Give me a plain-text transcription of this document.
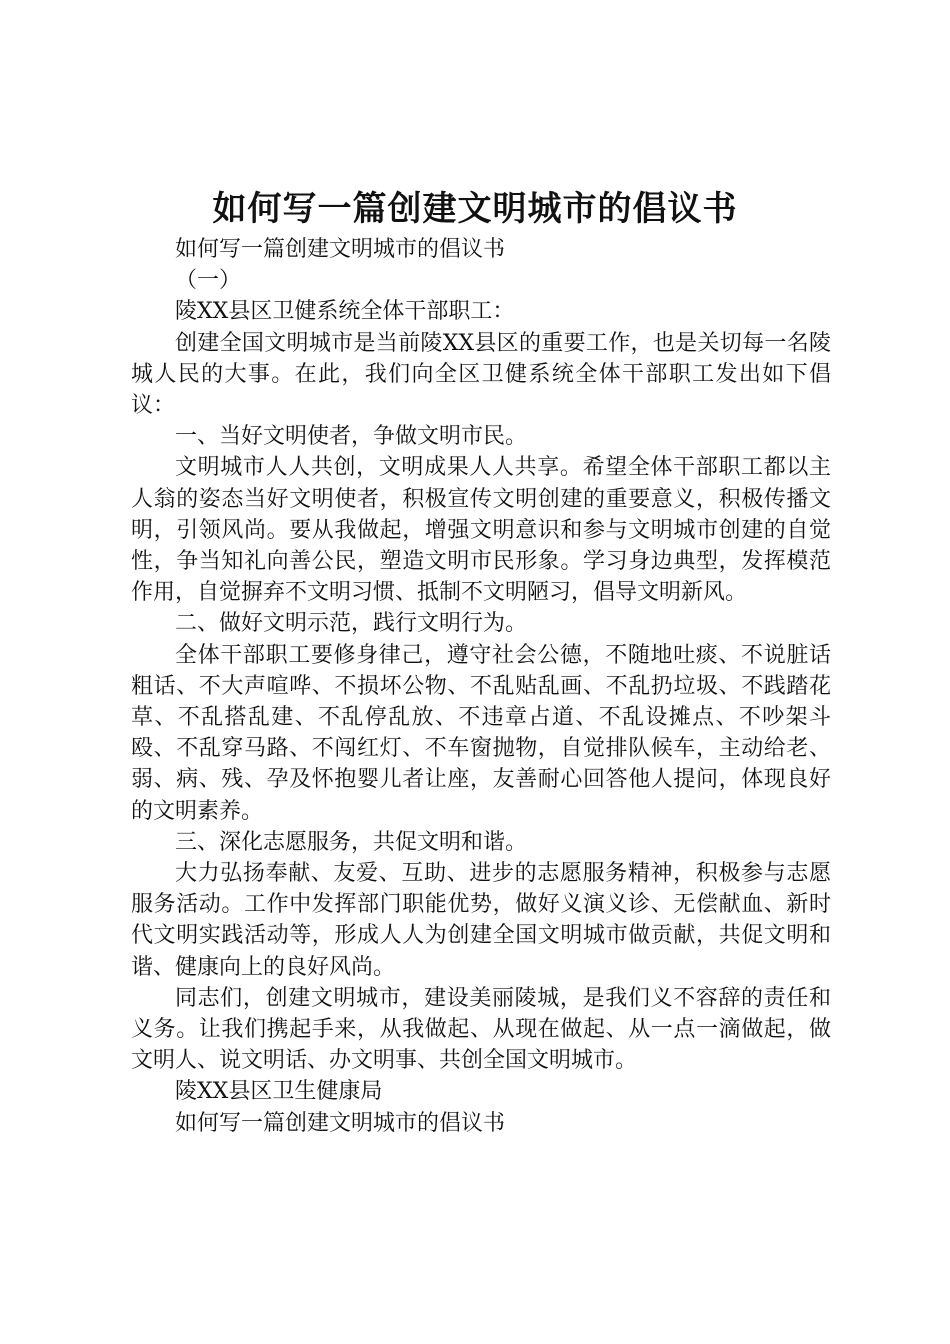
如何写一篇创建文明城市的倡议书

如何写一篇创建文明城市的倡议书

（一）

陵XX县区卫健系统全体干部职工：

创建全国文明城市是当前陵XX县区的重要工作，也是关切每一名陵城人民的大事。在此，我们向全区卫健系统全体干部职工发出如下倡议：

一、当好文明使者，争做文明市民。

文明城市人人共创，文明成果人人共享。希望全体干部职工都以主人翁的姿态当好文明使者，积极宣传文明创建的重要意义，积极传播文明，引领风尚。要从我做起，增强文明意识和参与文明城市创建的自觉性，争当知礼向善公民，塑造文明市民形象。学习身边典型，发挥模范作用，自觉摒弃不文明习惯、抵制不文明陋习，倡导文明新风。

二、做好文明示范，践行文明行为。

全体干部职工要修身律己，遵守社会公德，不随地吐痰、不说脏话粗话、不大声喧哗、不损坏公物、不乱贴乱画、不乱扔垃圾、不践踏花草、不乱搭乱建、不乱停乱放、不违章占道、不乱设摊点、不吵架斗殴、不乱穿马路、不闯红灯、不车窗抛物，自觉排队候车，主动给老、弱、病、残、孕及怀抱婴儿者让座，友善耐心回答他人提问，体现良好的文明素养。

三、深化志愿服务，共促文明和谐。

大力弘扬奉献、友爱、互助、进步的志愿服务精神，积极参与志愿服务活动。工作中发挥部门职能优势，做好义演义诊、无偿献血、新时代文明实践活动等，形成人人为创建全国文明城市做贡献，共促文明和谐、健康向上的良好风尚。

同志们，创建文明城市，建设美丽陵城，是我们义不容辞的责任和义务。让我们携起手来，从我做起、从现在做起、从一点一滴做起，做文明人、说文明话、办文明事、共创全国文明城市。

陵XX县区卫生健康局

如何写一篇创建文明城市的倡议书
